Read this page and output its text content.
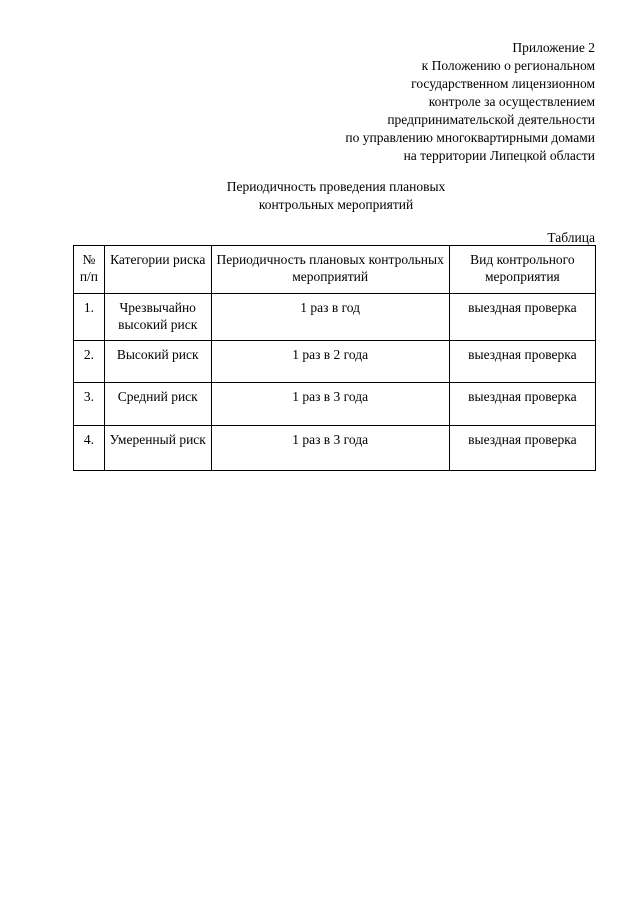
Приложение 2
к Положению о региональном
государственном лицензионном
контроле за осуществлением
предпринимательской деятельности
по управлению многоквартирными домами
на территории Липецкой области
Периодичность проведения плановых
контрольных мероприятий
Таблица
№ п/п	Категории риска	Периодичность плановых контрольных мероприятий	Вид контрольного мероприятия
1.	Чрезвычайно высокий риск	1 раз в год	выездная проверка
2.	Высокий риск	1 раз в 2 года	выездная проверка
3.	Средний риск	1 раз в 3 года	выездная проверка
4.	Умеренный риск	1 раз в 3 года	выездная проверка
